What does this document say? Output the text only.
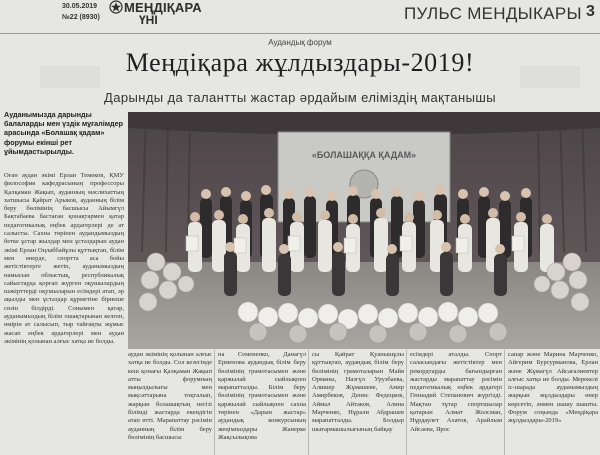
30.05.2019
№22 (8930)
МЕҢДІҚАРА
ҮНІ	ПУЛЬС МЕНДЫКАРЫ 3
Аудандық форум
Меңдіқара жұлдыздары-2019!
Дарынды да талантты жастар әрдайым еліміздің мақтанышы
Ауданымызда дарынды балаларды мен үздік мұғалімдер арасында «Болашақ қадам» форумы екінші рет ұйымдастырылды.
Оған аудан әкімі Ерлан Темеков, ҚМУ философия кафедрасының профессоры Қалқаман Жақып, ауданның мәслихаттың хатшысы Қайрат Арыков, ауданның білім беру бөлімінің басшысы Айымгүл Бақтабаева бастаған қонақтармен қатар педагогикалық еңбек ардагерлері де ат салысты. Сахна төрінен аудандымыздың бетке ұстар жылдар мен ұстаздарын аудан әкімі Ерлан Оңлаббайұлы құттықтап, білім мен өнерде, спортта аса бойы жетістіктерге жетіп, ауданымыздың намысын облыстық, республикалық сайыстарда қорғап жүрген оқушылардың шәкірттерді оқушыларын есімдері атап, әр ақылды мен ұстаздар құрметіне бірнеше сөзін білдірді. Сонымен қатар, ауданымыздың білім ошақтарынан келген, өмірін ат салысып, тыр тайғақты жұмыс жасап еңбек ардагерлері мен аудан әкімінің қолынан алғыс хатқа ие болды.
«БОЛАШАҚҚА ҚАДАМ»
аудан әкімінің қолынан алғыс хатқа ие болды. Сол кезегінде кеш қонағы Қалқаман Жақып атты форумның маңыздылығы мен мақсаттарына тоқталып, жарқын болашақтың негізі білімді жастарда екендігін атап өтті. Марапаттау рәсімін ауданның білім беру бөлімінің басшысы
на Семененко, Данагүл Ерменова аудандық білім беру бөлімінің грамотасымен және қаржылай сыйлықпен марапатталды. Білім беру бөлімінің грамотасымен және қаржылай сыйлықпен сахна төрінен «Дарын жастар» аудандық конкурсының жеңімпаздары Жанерке Жақсылықова
сы Қайрат Қуанышұлы құттықтап, аудандық білім беру бөлімінің грамоталарын Майя Орманы, Назгүл Урузбаева, Алишер Жұмашеве, Амир Амирбеков, Денис Федецков, Аймал Айтаков, Алина Марченко, Нұрали Абдрашев марапатталды. Болдыр шығармашылығының байқау
есімдері аталды. Спорт саласындағы жетістіктер мен рекордтарды бағындырған жастарды марапаттау рәсімін педагогикалық еңбек ардагері Геннадий Степанович жүргізді. Мақтан тұтар спортшылар қатарын Алмат Жолсман, Нұрдаулет Ахатов, Арайлым Айсаева, Ярос
сапар және Марина Марченко, Айгерим Бурсурманова, Ерлан және Жұмагүл Айсағалиевтер алғыс хатқа ие болды. Мерекелі іс-шарада ауданымыздың жарқын жұлдыздары өнер көрсетіп, әнмен шашу шашты. Форум соңында «Меңдіқара жұлдыздары-2019»
